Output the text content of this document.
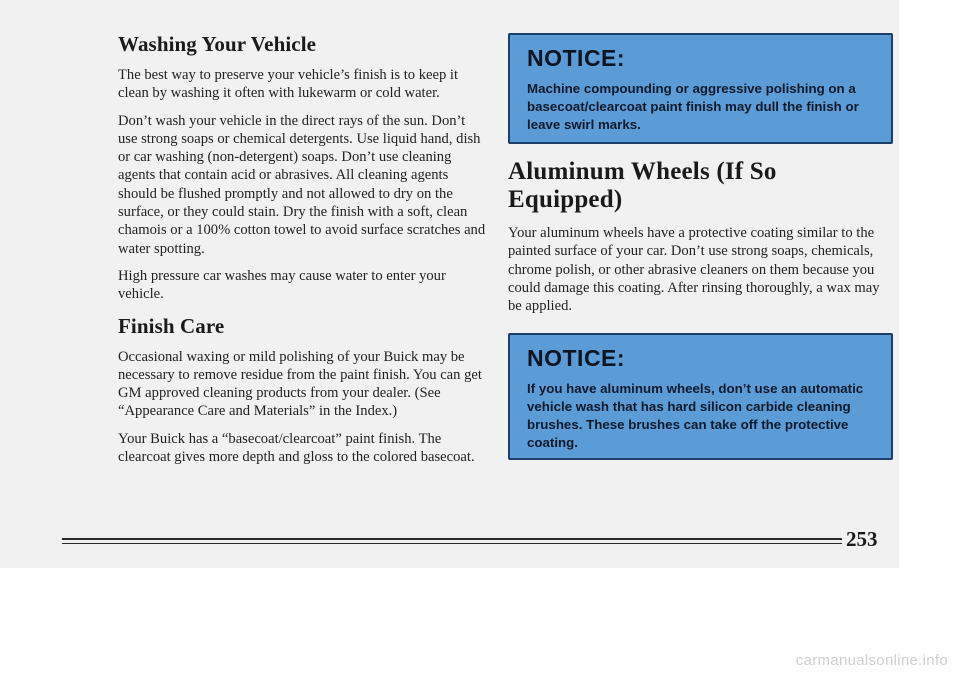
Washing Your Vehicle

The best way to preserve your vehicle’s finish is to keep it clean by washing it often with lukewarm or cold water.

Don’t wash your vehicle in the direct rays of the sun. Don’t use strong soaps or chemical detergents. Use liquid hand, dish or car washing (non-detergent) soaps. Don’t use cleaning agents that contain acid or abrasives. All cleaning agents should be flushed promptly and not allowed to dry on the surface, or they could stain. Dry the finish with a soft, clean chamois or a 100% cotton towel to avoid surface scratches and water spotting.

High pressure car washes may cause water to enter your vehicle.

Finish Care

Occasional waxing or mild polishing of your Buick may be necessary to remove residue from the paint finish. You can get GM approved cleaning products from your dealer. (See “Appearance Care and Materials” in the Index.)

Your Buick has a “basecoat/clearcoat” paint finish. The clearcoat gives more depth and gloss to the colored basecoat.

NOTICE:

Machine compounding or aggressive polishing on a basecoat/clearcoat paint finish may dull the finish or leave swirl marks.

Aluminum Wheels (If So Equipped)

Your aluminum wheels have a protective coating similar to the painted surface of your car. Don’t use strong soaps, chemicals, chrome polish, or other abrasive cleaners on them because you could damage this coating. After rinsing thoroughly, a wax may be applied.

NOTICE:

If you have aluminum wheels, don’t use an automatic vehicle wash that has hard silicon carbide cleaning brushes. These brushes can take off the protective coating.

253
carmanualsonline.info
